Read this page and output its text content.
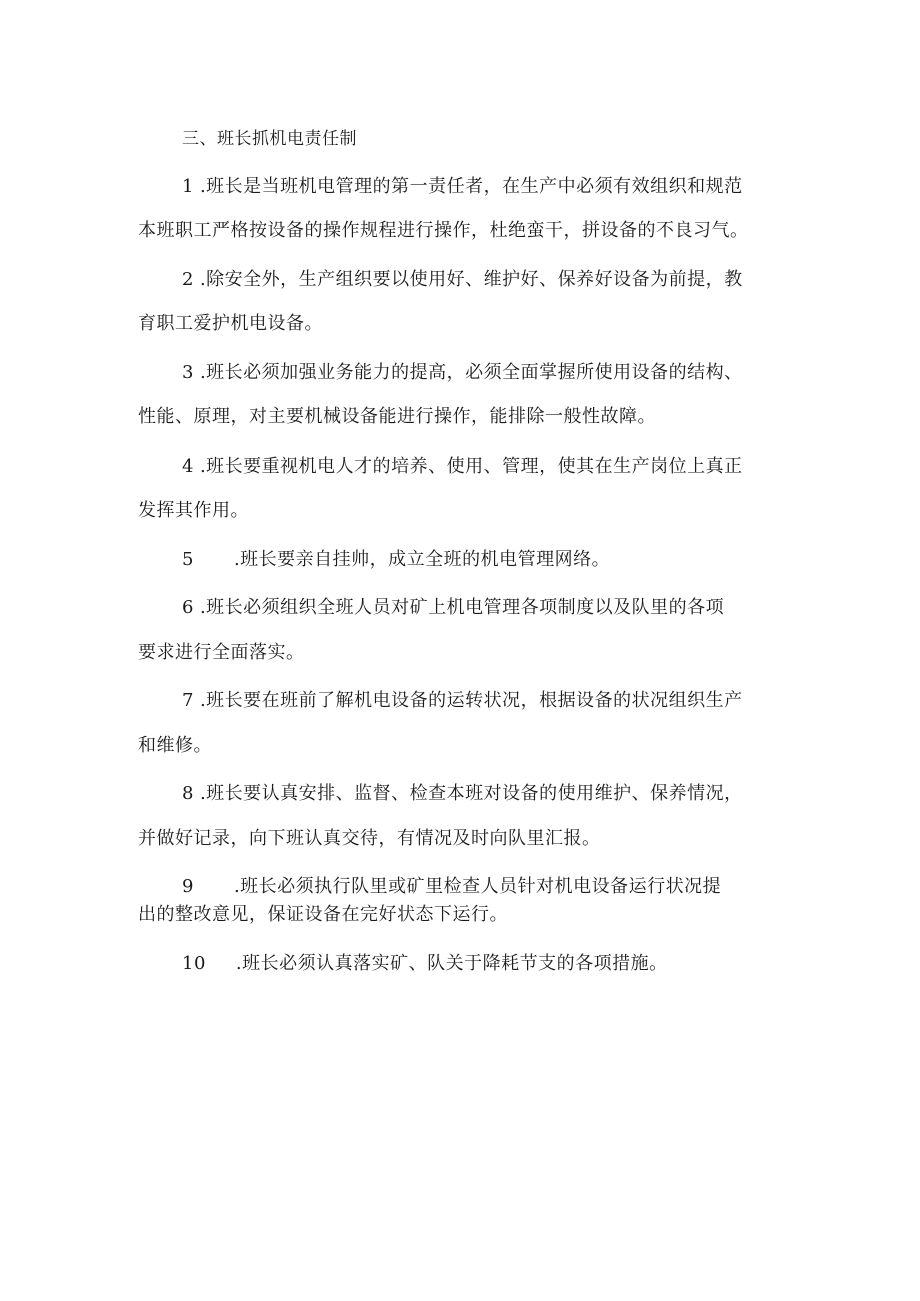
三、班长抓机电责任制
1 .班长是当班机电管理的第一责任者，在生产中必须有效组织和规范
本班职工严格按设备的操作规程进行操作，杜绝蛮干，拼设备的不良习气。
2 .除安全外，生产组织要以使用好、维护好、保养好设备为前提，教
育职工爱护机电设备。
3 .班长必须加强业务能力的提高，必须全面掌握所使用设备的结构、
性能、原理，对主要机械设备能进行操作，能排除一般性故障。
4 .班长要重视机电人才的培养、使用、管理，使其在生产岗位上真正
发挥其作用。
5 .班长要亲自挂帅，成立全班的机电管理网络。
6 .班长必须组织全班人员对矿上机电管理各项制度以及队里的各项
要求进行全面落实。
7 .班长要在班前了解机电设备的运转状况，根据设备的状况组织生产
和维修。
8 .班长要认真安排、监督、检查本班对设备的使用维护、保养情况，
并做好记录，向下班认真交待，有情况及时向队里汇报。
9 .班长必须执行队里或矿里检查人员针对机电设备运行状况提
出的整改意见，保证设备在完好状态下运行。
10 .班长必须认真落实矿、队关于降耗节支的各项措施。
